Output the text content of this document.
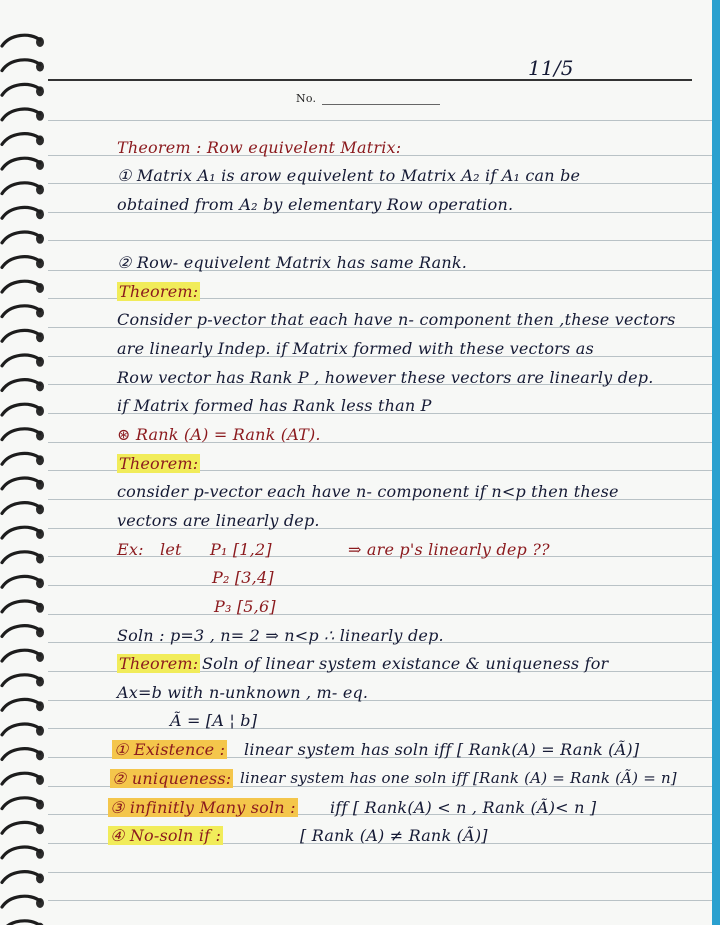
11/5
No.
Theorem : Row equivelent Matrix:
① Matrix A₁ is arow equivelent to Matrix A₂ if A₁ can be
obtained from A₂ by elementary Row operation.
② Row- equivelent Matrix has same Rank.
Theorem:
Consider p-vector that each have n- component then ,these vectors
are linearly Indep. if Matrix formed with these vectors as
Row vector has Rank P , however these vectors are linearly dep.
if Matrix formed has Rank less than P
⊛ Rank (A) = Rank (AT).
Theorem:
consider p-vector each have n- component if n<p then these
vectors are linearly dep.
Ex: let P₁ [1,2]	⇒ are p's linearly dep ??
P₂ [3,4]
P₃ [5,6]
Soln : p=3 , n= 2 ⇒ n<p ∴ linearly dep.
Theorem: Soln of linear system existance & uniqueness for
Ax=b with n-unknown , m- eq.
Ã = [A ¦ b]
① Existence : linear system has soln iff [ Rank(A) = Rank (Ã)]
② uniqueness: linear system has one soln iff [Rank (A) = Rank (Ã) = n]
③ infinitly Many soln : iff [ Rank(A) < n , Rank (Ã)< n ]
④ No-soln if :	[ Rank (A) ≠ Rank (Ã)]
